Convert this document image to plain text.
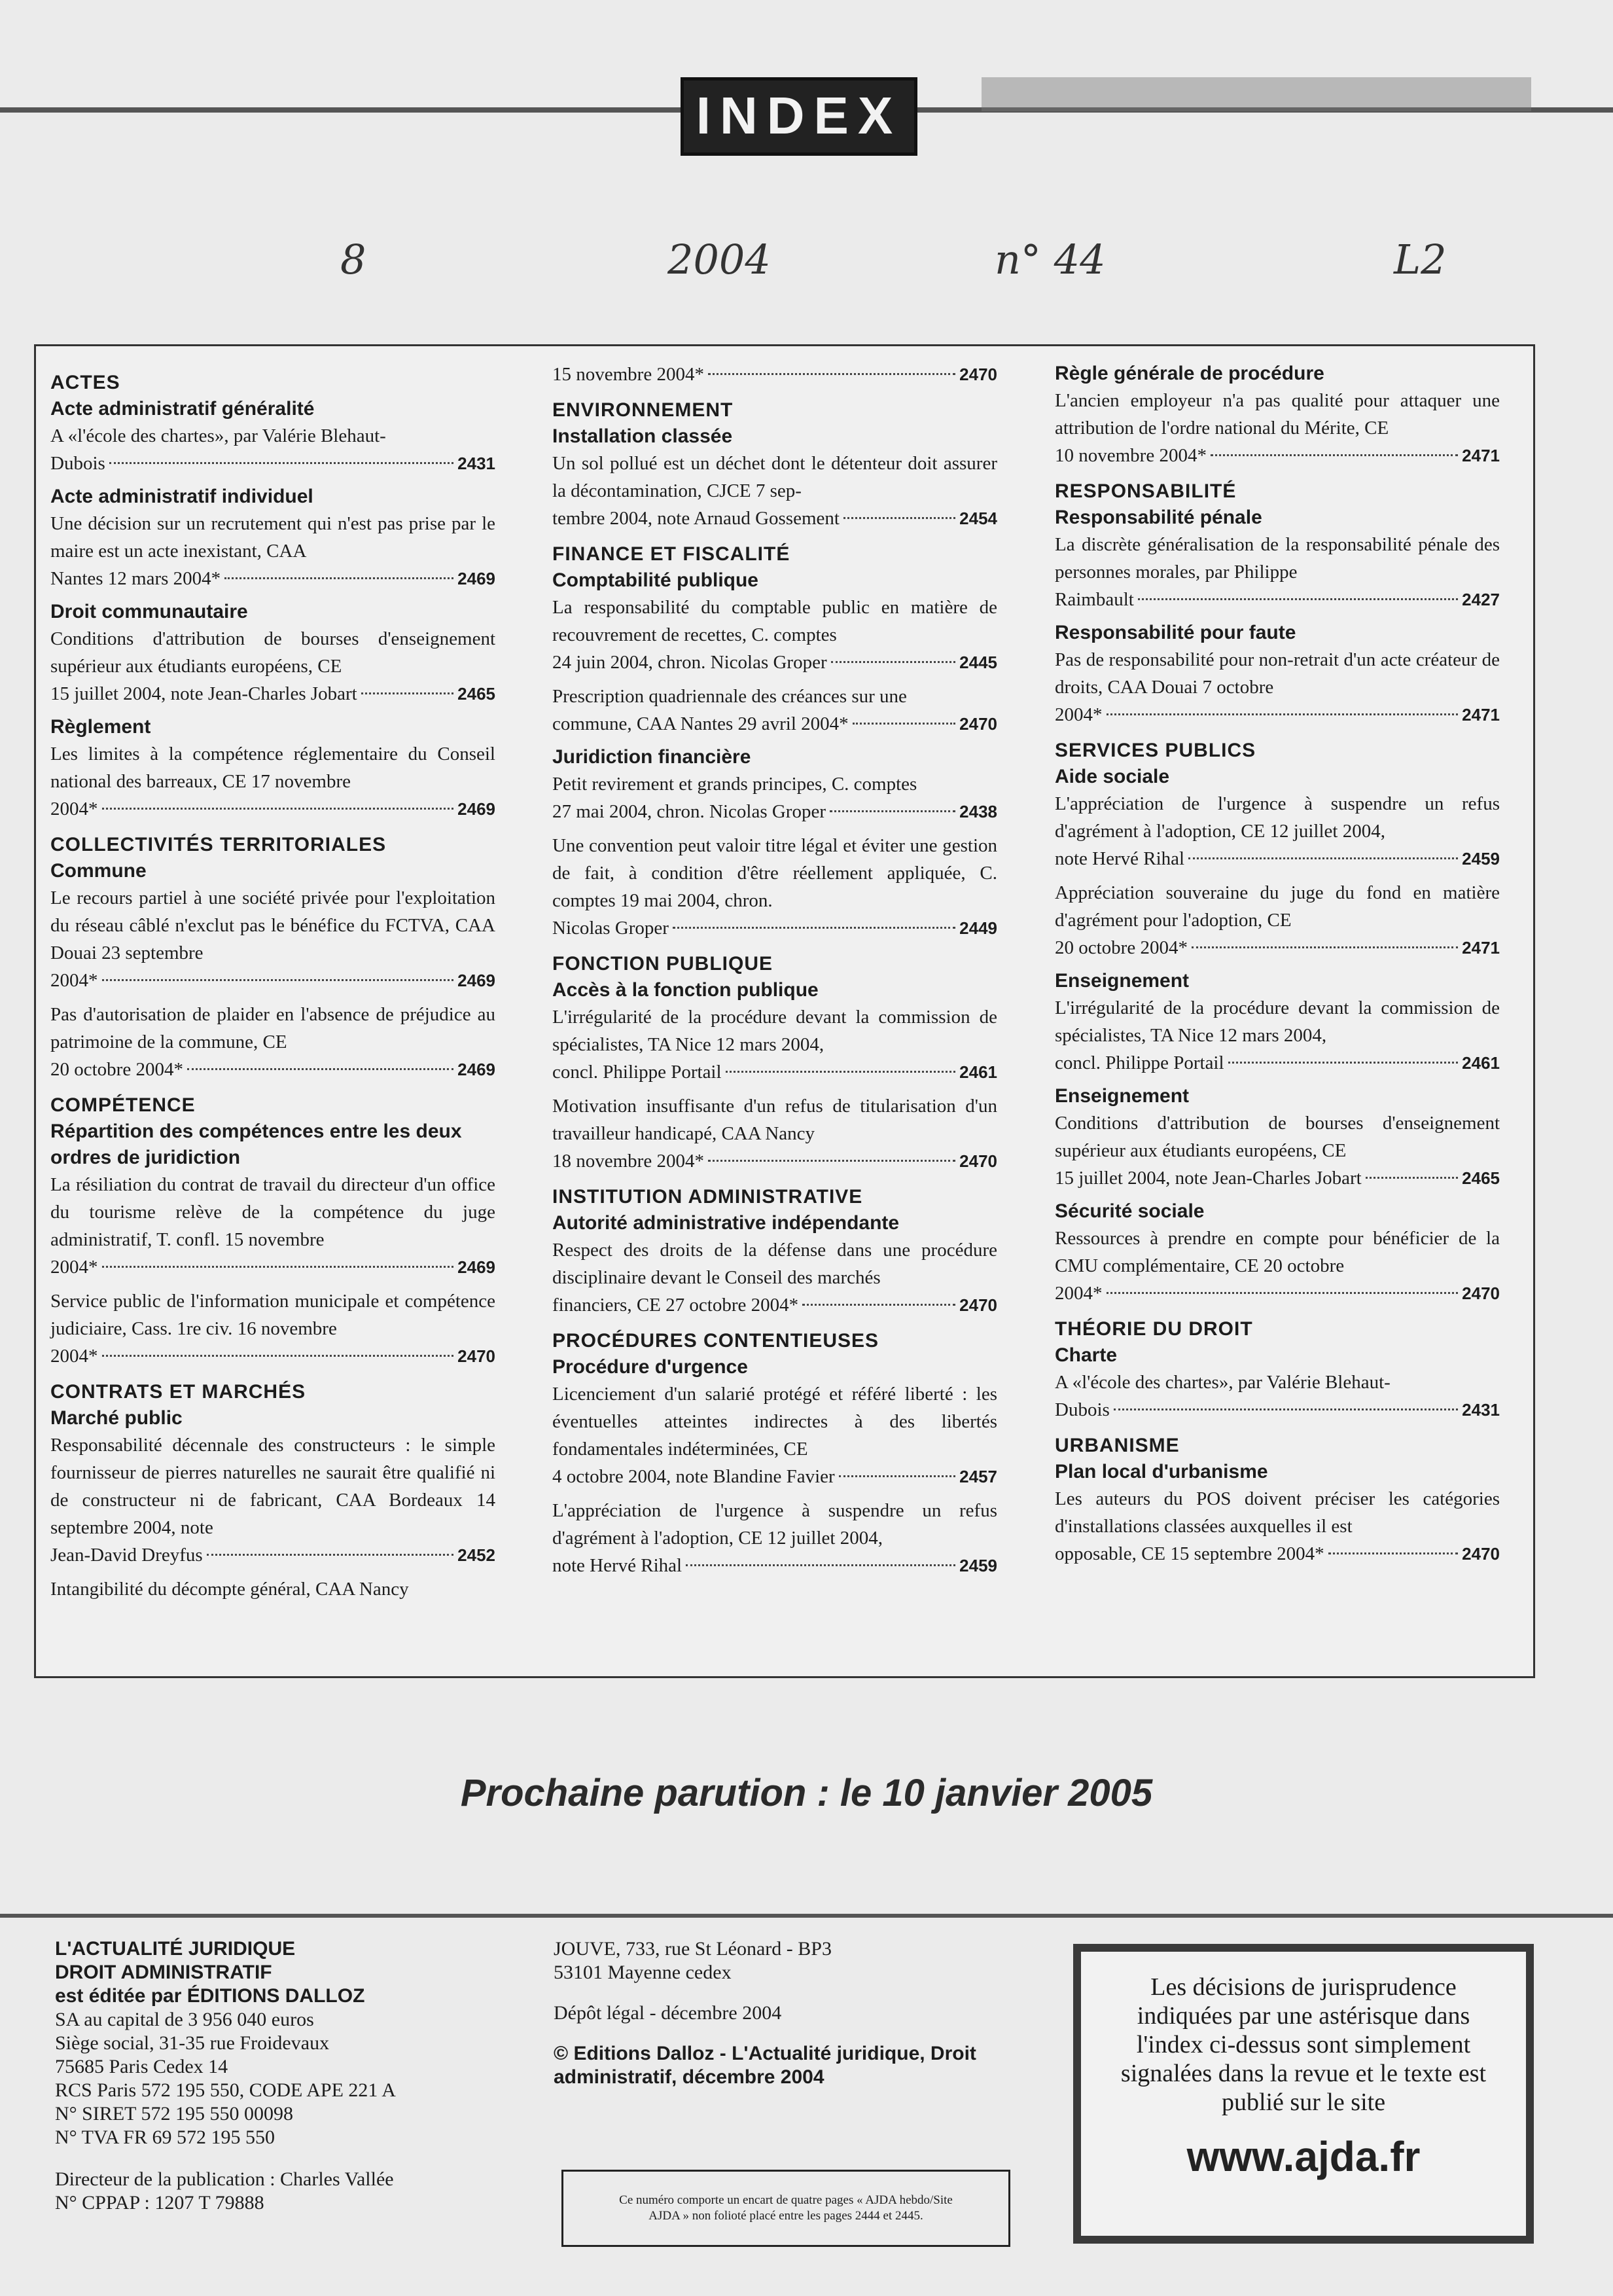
INDEX
8	2004	n° 44	L2
ACTES
Acte administratif généralité
A «l'école des chartes», par Valérie Blehaut-
Dubois	2431
Acte administratif individuel
Une décision sur un recrutement qui n'est pas prise par le maire est un acte inexistant, CAA
Nantes 12 mars 2004*	2469
Droit communautaire
Conditions d'attribution de bourses d'enseignement supérieur aux étudiants européens, CE
15 juillet 2004, note Jean-Charles Jobart	2465
Règlement
Les limites à la compétence réglementaire du Conseil national des barreaux, CE 17 novembre
2004*	2469
COLLECTIVITÉS TERRITORIALES
Commune
Le recours partiel à une société privée pour l'exploitation du réseau câblé n'exclut pas le bénéfice du FCTVA, CAA Douai 23 septembre
2004*	2469
Pas d'autorisation de plaider en l'absence de préjudice au patrimoine de la commune, CE
20 octobre 2004*	2469
COMPÉTENCE
Répartition des compétences entre les deux ordres de juridiction
La résiliation du contrat de travail du directeur d'un office du tourisme relève de la compétence du juge administratif, T. confl. 15 novembre
2004*	2469
Service public de l'information municipale et compétence judiciaire, Cass. 1re civ. 16 novembre
2004*	2470
CONTRATS ET MARCHÉS
Marché public
Responsabilité décennale des constructeurs : le simple fournisseur de pierres naturelles ne saurait être qualifié ni de constructeur ni de fabricant, CAA Bordeaux 14 septembre 2004, note
Jean-David Dreyfus	2452
Intangibilité du décompte général, CAA Nancy
15 novembre 2004*	2470
ENVIRONNEMENT
Installation classée
Un sol pollué est un déchet dont le détenteur doit assurer la décontamination, CJCE 7 sep-
tembre 2004, note Arnaud Gossement	2454
FINANCE ET FISCALITÉ
Comptabilité publique
La responsabilité du comptable public en matière de recouvrement de recettes, C. comptes
24 juin 2004, chron. Nicolas Groper	2445
Prescription quadriennale des créances sur une
commune, CAA Nantes 29 avril 2004*	2470
Juridiction financière
Petit revirement et grands principes, C. comptes
27 mai 2004, chron. Nicolas Groper	2438
Une convention peut valoir titre légal et éviter une gestion de fait, à condition d'être réellement appliquée, C. comptes 19 mai 2004, chron.
Nicolas Groper	2449
FONCTION PUBLIQUE
Accès à la fonction publique
L'irrégularité de la procédure devant la commission de spécialistes, TA Nice 12 mars 2004,
concl. Philippe Portail	2461
Motivation insuffisante d'un refus de titularisation d'un travailleur handicapé, CAA Nancy
18 novembre 2004*	2470
INSTITUTION ADMINISTRATIVE
Autorité administrative indépendante
Respect des droits de la défense dans une procédure disciplinaire devant le Conseil des marchés
financiers, CE 27 octobre 2004*	2470
PROCÉDURES CONTENTIEUSES
Procédure d'urgence
Licenciement d'un salarié protégé et référé liberté : les éventuelles atteintes indirectes à des libertés fondamentales indéterminées, CE
4 octobre 2004, note Blandine Favier	2457
L'appréciation de l'urgence à suspendre un refus d'agrément à l'adoption, CE 12 juillet 2004,
note Hervé Rihal	2459
Règle générale de procédure
L'ancien employeur n'a pas qualité pour attaquer une attribution de l'ordre national du Mérite, CE
10 novembre 2004*	2471
RESPONSABILITÉ
Responsabilité pénale
La discrète généralisation de la responsabilité pénale des personnes morales, par Philippe
Raimbault	2427
Responsabilité pour faute
Pas de responsabilité pour non-retrait d'un acte créateur de droits, CAA Douai 7 octobre
2004*	2471
SERVICES PUBLICS
Aide sociale
L'appréciation de l'urgence à suspendre un refus d'agrément à l'adoption, CE 12 juillet 2004,
note Hervé Rihal	2459
Appréciation souveraine du juge du fond en matière d'agrément pour l'adoption, CE
20 octobre 2004*	2471
Enseignement
L'irrégularité de la procédure devant la commission de spécialistes, TA Nice 12 mars 2004,
concl. Philippe Portail	2461
Enseignement
Conditions d'attribution de bourses d'enseignement supérieur aux étudiants européens, CE
15 juillet 2004, note Jean-Charles Jobart	2465
Sécurité sociale
Ressources à prendre en compte pour bénéficier de la CMU complémentaire, CE 20 octobre
2004*	2470
THÉORIE DU DROIT
Charte
A «l'école des chartes», par Valérie Blehaut-
Dubois	2431
URBANISME
Plan local d'urbanisme
Les auteurs du POS doivent préciser les catégories d'installations classées auxquelles il est
opposable, CE 15 septembre 2004*	2470
Prochaine parution : le 10 janvier 2005
L'ACTUALITÉ JURIDIQUE
DROIT ADMINISTRATIF
est éditée par ÉDITIONS DALLOZ
SA au capital de 3 956 040 euros
Siège social, 31-35 rue Froidevaux
75685 Paris Cedex 14
RCS Paris 572 195 550, CODE APE 221 A
N° SIRET 572 195 550 00098
N° TVA FR 69 572 195 550
Directeur de la publication : Charles Vallée
N° CPPAP : 1207 T 79888
JOUVE, 733, rue St Léonard - BP3
53101 Mayenne cedex
Dépôt légal - décembre 2004
© Editions Dalloz - L'Actualité juridique, Droit administratif, décembre 2004
Ce numéro comporte un encart de quatre pages « AJDA hebdo/Site AJDA » non folioté placé entre les pages 2444 et 2445.
Les décisions de jurisprudence indiquées par une astérisque dans l'index ci-dessus sont simplement signalées dans la revue et le texte est publié sur le site
www.ajda.fr
